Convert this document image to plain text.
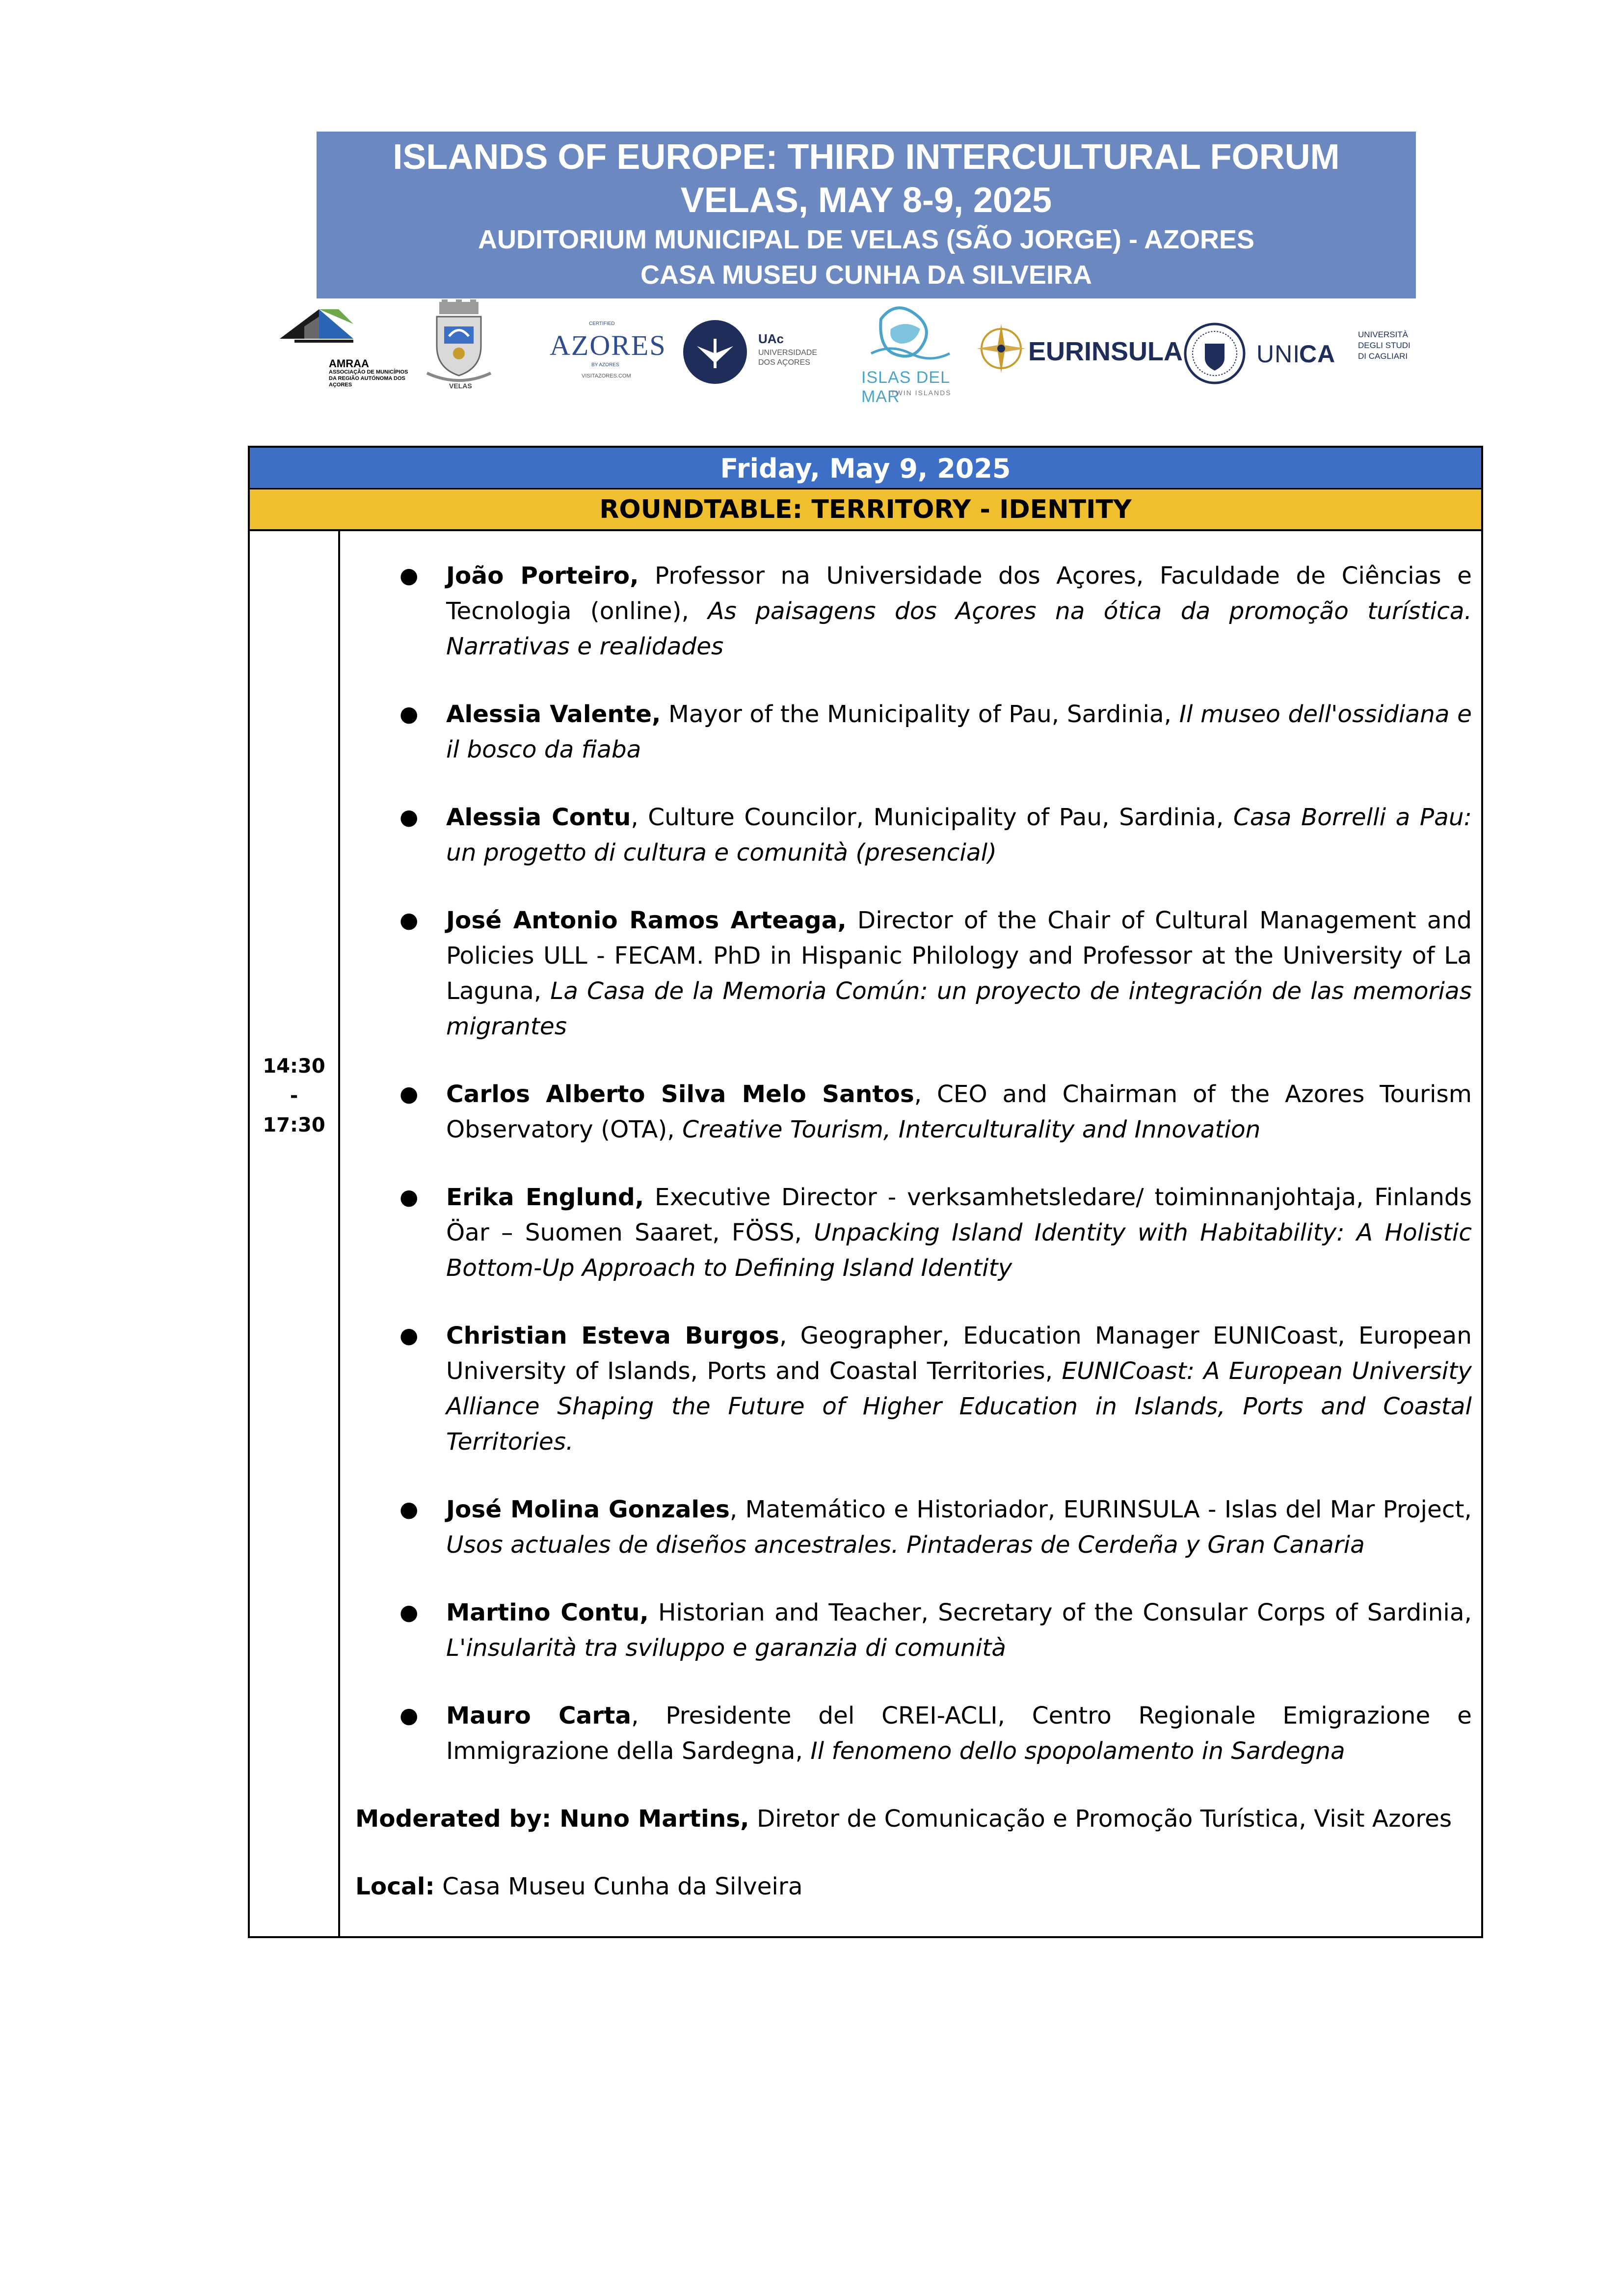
ISLANDS OF EUROPE: THIRD INTERCULTURAL FORUM
VELAS, MAY 8-9, 2025
AUDITORIUM MUNICIPAL DE VELAS (SÃO JORGE) - AZORES
CASA MUSEU CUNHA DA SILVEIRA
AMRAA
ASSOCIAÇÃO DE MUNICÍPIOS DA REGIÃO AUTÓNOMA DOS AÇORES	VELAS
CERTIFIED
AZORES
BY AZORES
VISITAZORES.COM
UAc
UNIVERSIDADE
DOS AÇORES
ISLAS DEL MAR
TWIN ISLANDS
EURINSULA	UNI
CA
UNIVERSITÀ
DEGLI STUDI
DI CAGLIARI
Friday, May 9, 2025
ROUNDTABLE: TERRITORY - IDENTITY
14:30
-
17:30
● João Porteiro, Professor na Universidade dos Açores, Faculdade de Ciências e Tecnologia (online), As paisagens dos Açores na ótica da promoção turística. Narrativas e realidades
● Alessia Valente, Mayor of the Municipality of Pau, Sardinia, Il museo dell'ossidiana e il bosco da fiaba
● Alessia Contu, Culture Councilor, Municipality of Pau, Sardinia, Casa Borrelli a Pau: un progetto di cultura e comunità (presencial)
● José Antonio Ramos Arteaga, Director of the Chair of Cultural Management and Policies ULL - FECAM. PhD in Hispanic Philology and Professor at the University of La Laguna, La Casa de la Memoria Común: un proyecto de integración de las memorias migrantes
● Carlos Alberto Silva Melo Santos, CEO and Chairman of the Azores Tourism Observatory (OTA), Creative Tourism, Interculturality and Innovation
● Erika Englund, Executive Director - verksamhetsledare/ toiminnanjohtaja, Finlands Öar – Suomen Saaret, FÖSS, Unpacking Island Identity with Habitability: A Holistic Bottom-Up Approach to Defining Island Identity
● Christian Esteva Burgos, Geographer, Education Manager EUNICoast, European University of Islands, Ports and Coastal Territories, EUNICoast: A European University Alliance Shaping the Future of Higher Education in Islands, Ports and Coastal Territories.
● José Molina Gonzales, Matemático e Historiador, EURINSULA - Islas del Mar Project, Usos actuales de diseños ancestrales. Pintaderas de Cerdeña y Gran Canaria
● Martino Contu, Historian and Teacher, Secretary of the Consular Corps of Sardinia, L'insularità tra sviluppo e garanzia di comunità
● Mauro Carta, Presidente del CREI-ACLI, Centro Regionale Emigrazione e Immigrazione della Sardegna, Il fenomeno dello spopolamento in Sardegna
Moderated by: Nuno Martins, Diretor de Comunicação e Promoção Turística, Visit Azores
Local: Casa Museu Cunha da Silveira
